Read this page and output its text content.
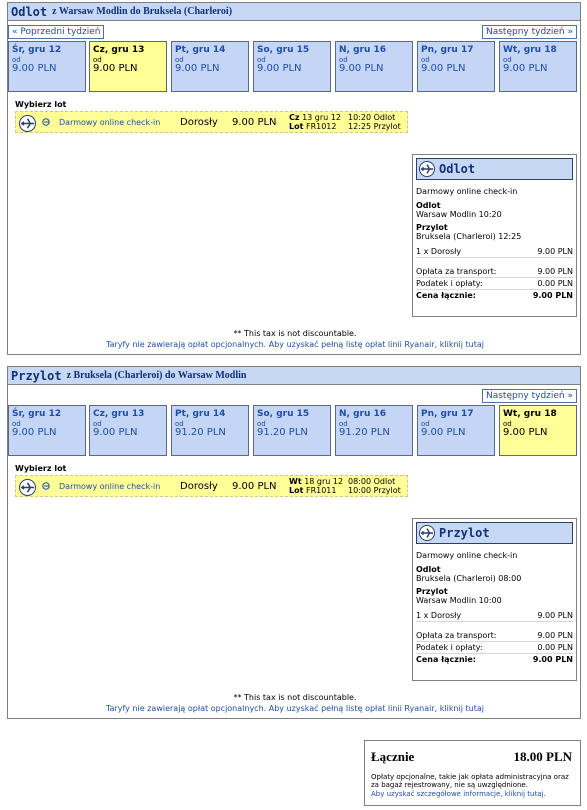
Odlot z Warsaw Modlin do Bruksela (Charleroi)
« Poprzedni tydzień	Następny tydzień »
Śr, gru 12
od
9.00 PLN
Cz, gru 13
od
9.00 PLN
Pt, gru 14
od
9.00 PLN
So, gru 15
od
9.00 PLN
N, gru 16
od
9.00 PLN
Pn, gru 17
od
9.00 PLN
Wt, gru 18
od
9.00 PLN
Wybierz lot
Darmowy online check-in Dorosły 9.00 PLN Cz 13 gru 12
Lot FR1012
10:20 Odlot
12:25 Przylot
Odlot
Darmowy online check-in
Odlot
Warsaw Modlin 10:20
Przylot
Bruksela (Charleroi) 12:25
1 x Dorosły	9.00 PLN
Opłata za transport:	9.00 PLN
Podatek i opłaty:	0.00 PLN
Cena łącznie:	9.00 PLN
** This tax is not discountable.
Taryfy nie zawierają opłat opcjonalnych. Aby uzyskać pełną listę opłat linii Ryanair, kliknij tutaj
Przylot z Bruksela (Charleroi) do Warsaw Modlin
Następny tydzień »
Śr, gru 12
od
9.00 PLN
Cz, gru 13
od
9.00 PLN
Pt, gru 14
od
91.20 PLN
So, gru 15
od
91.20 PLN
N, gru 16
od
91.20 PLN
Pn, gru 17
od
9.00 PLN
Wt, gru 18
od
9.00 PLN
Wybierz lot
Darmowy online check-in Dorosły 9.00 PLN Wt 18 gru 12
Lot FR1011
08:00 Odlot
10:00 Przylot
Przylot
Darmowy online check-in
Odlot
Bruksela (Charleroi) 08:00
Przylot
Warsaw Modlin 10:00
1 x Dorosły	9.00 PLN
Opłata za transport:	9.00 PLN
Podatek i opłaty:	0.00 PLN
Cena łącznie:	9.00 PLN
** This tax is not discountable.
Taryfy nie zawierają opłat opcjonalnych. Aby uzyskać pełną listę opłat linii Ryanair, kliknij tutaj
Łącznie	18.00 PLN
Opłaty opcjonalne, takie jak opłata administracyjna oraz za bagaż rejestrowany, nie są uwzględnione.
Aby uzyskać szczegółowe informacje, kliknij tutaj.
